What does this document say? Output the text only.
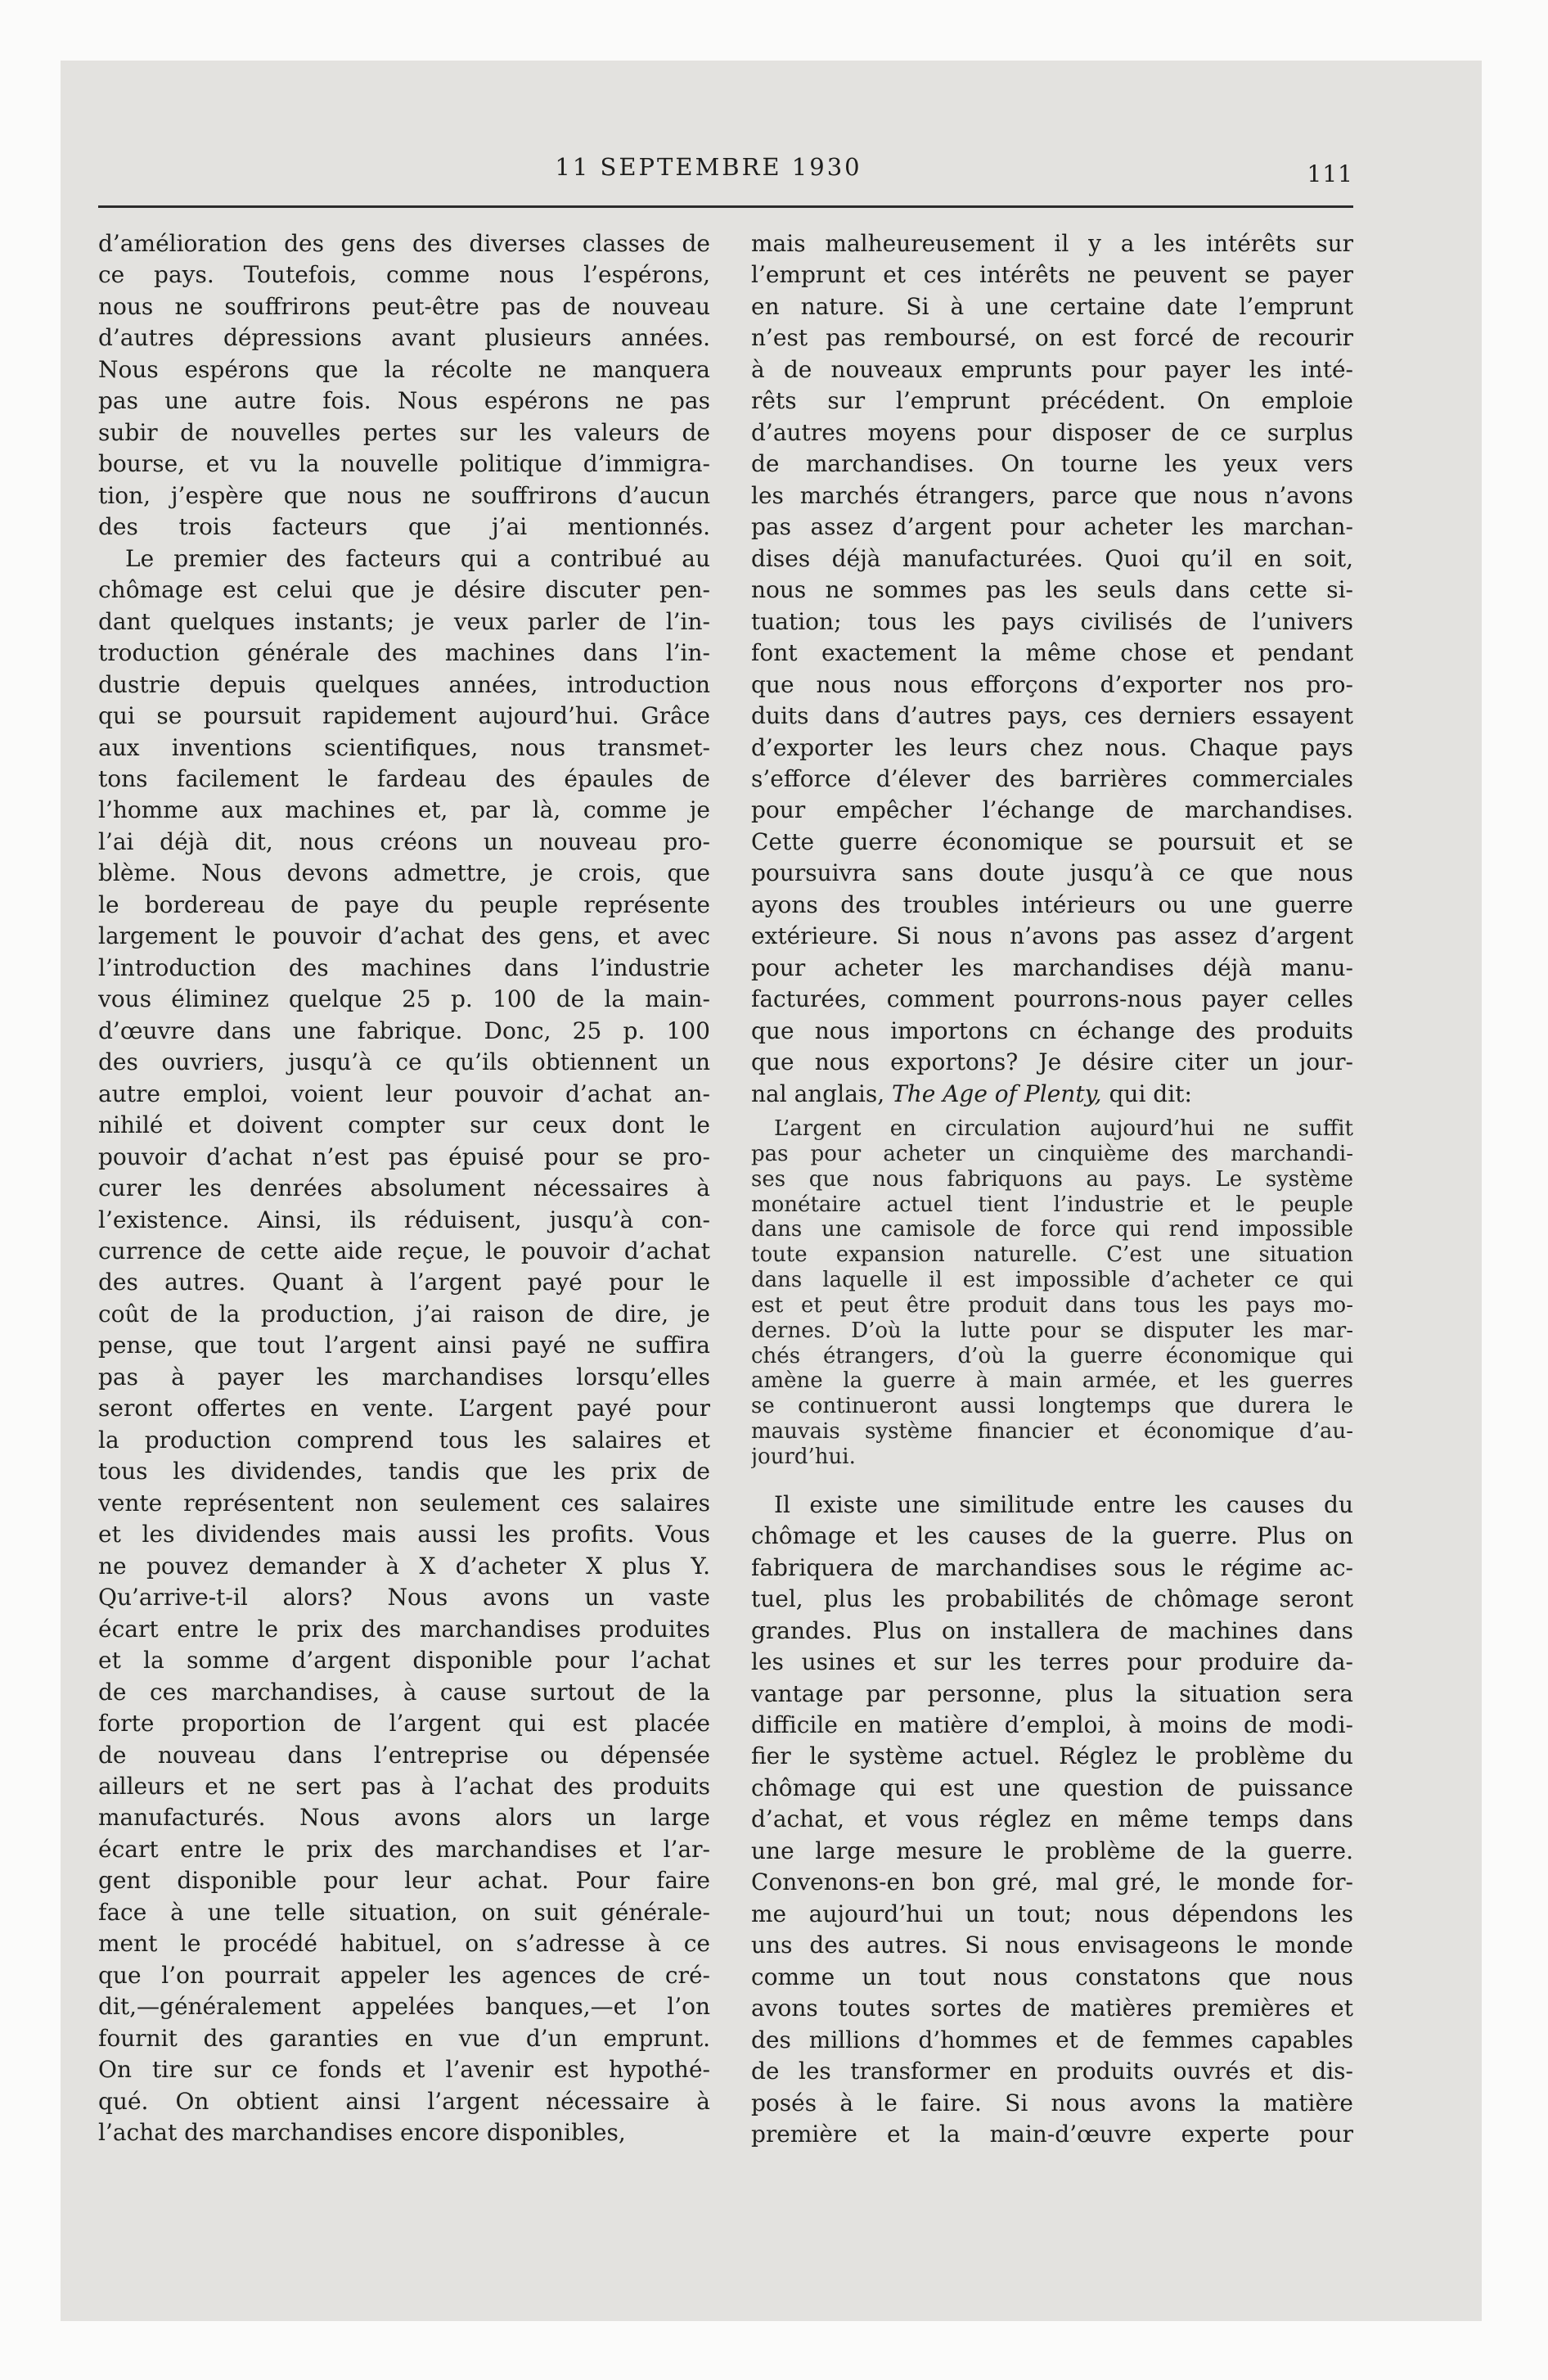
11 SEPTEMBRE 1930	111
d’amélioration des gens des diverses classes de
ce pays. Toutefois, comme nous l’espérons,
nous ne souffrirons peut-être pas de nouveau
d’autres dépressions avant plusieurs années.
Nous espérons que la récolte ne manquera
pas une autre fois. Nous espérons ne pas
subir de nouvelles pertes sur les valeurs de
bourse, et vu la nouvelle politique d’immigra-
tion, j’espère que nous ne souffrirons d’aucun
des trois facteurs que j’ai mentionnés.
Le premier des facteurs qui a contribué au
chômage est celui que je désire discuter pen-
dant quelques instants; je veux parler de l’in-
troduction générale des machines dans l’in-
dustrie depuis quelques années, introduction
qui se poursuit rapidement aujourd’hui. Grâce
aux inventions scientifiques, nous transmet-
tons facilement le fardeau des épaules de
l’homme aux machines et, par là, comme je
l’ai déjà dit, nous créons un nouveau pro-
blème. Nous devons admettre, je crois, que
le bordereau de paye du peuple représente
largement le pouvoir d’achat des gens, et avec
l’introduction des machines dans l’industrie
vous éliminez quelque 25 p. 100 de la main-
d’œuvre dans une fabrique. Donc, 25 p. 100
des ouvriers, jusqu’à ce qu’ils obtiennent un
autre emploi, voient leur pouvoir d’achat an-
nihilé et doivent compter sur ceux dont le
pouvoir d’achat n’est pas épuisé pour se pro-
curer les denrées absolument nécessaires à
l’existence. Ainsi, ils réduisent, jusqu’à con-
currence de cette aide reçue, le pouvoir d’achat
des autres. Quant à l’argent payé pour le
coût de la production, j’ai raison de dire, je
pense, que tout l’argent ainsi payé ne suffira
pas à payer les marchandises lorsqu’elles
seront offertes en vente. L’argent payé pour
la production comprend tous les salaires et
tous les dividendes, tandis que les prix de
vente représentent non seulement ces salaires
et les dividendes mais aussi les profits. Vous
ne pouvez demander à X d’acheter X plus Y.
Qu’arrive-t-il alors? Nous avons un vaste
écart entre le prix des marchandises produites
et la somme d’argent disponible pour l’achat
de ces marchandises, à cause surtout de la
forte proportion de l’argent qui est placée
de nouveau dans l’entreprise ou dépensée
ailleurs et ne sert pas à l’achat des produits
manufacturés. Nous avons alors un large
écart entre le prix des marchandises et l’ar-
gent disponible pour leur achat. Pour faire
face à une telle situation, on suit générale-
ment le procédé habituel, on s’adresse à ce
que l’on pourrait appeler les agences de cré-
dit,—généralement appelées banques,—et l’on
fournit des garanties en vue d’un emprunt.
On tire sur ce fonds et l’avenir est hypothé-
qué. On obtient ainsi l’argent nécessaire à
l’achat des marchandises encore disponibles,
mais malheureusement il y a les intérêts sur
l’emprunt et ces intérêts ne peuvent se payer
en nature. Si à une certaine date l’emprunt
n’est pas remboursé, on est forcé de recourir
à de nouveaux emprunts pour payer les inté-
rêts sur l’emprunt précédent. On emploie
d’autres moyens pour disposer de ce surplus
de marchandises. On tourne les yeux vers
les marchés étrangers, parce que nous n’avons
pas assez d’argent pour acheter les marchan-
dises déjà manufacturées. Quoi qu’il en soit,
nous ne sommes pas les seuls dans cette si-
tuation; tous les pays civilisés de l’univers
font exactement la même chose et pendant
que nous nous efforçons d’exporter nos pro-
duits dans d’autres pays, ces derniers essayent
d’exporter les leurs chez nous. Chaque pays
s’efforce d’élever des barrières commerciales
pour empêcher l’échange de marchandises.
Cette guerre économique se poursuit et se
poursuivra sans doute jusqu’à ce que nous
ayons des troubles intérieurs ou une guerre
extérieure. Si nous n’avons pas assez d’argent
pour acheter les marchandises déjà manu-
facturées, comment pourrons-nous payer celles
que nous importons cn échange des produits
que nous exportons? Je désire citer un jour-
nal anglais, The Age of Plenty, qui dit:
L’argent en circulation aujourd’hui ne suffit
pas pour acheter un cinquième des marchandi-
ses que nous fabriquons au pays. Le système
monétaire actuel tient l’industrie et le peuple
dans une camisole de force qui rend impossible
toute expansion naturelle. C’est une situation
dans laquelle il est impossible d’acheter ce qui
est et peut être produit dans tous les pays mo-
dernes. D’où la lutte pour se disputer les mar-
chés étrangers, d’où la guerre économique qui
amène la guerre à main armée, et les guerres
se continueront aussi longtemps que durera le
mauvais système financier et économique d’au-
jourd’hui.
Il existe une similitude entre les causes du
chômage et les causes de la guerre. Plus on
fabriquera de marchandises sous le régime ac-
tuel, plus les probabilités de chômage seront
grandes. Plus on installera de machines dans
les usines et sur les terres pour produire da-
vantage par personne, plus la situation sera
difficile en matière d’emploi, à moins de modi-
fier le système actuel. Réglez le problème du
chômage qui est une question de puissance
d’achat, et vous réglez en même temps dans
une large mesure le problème de la guerre.
Convenons-en bon gré, mal gré, le monde for-
me aujourd’hui un tout; nous dépendons les
uns des autres. Si nous envisageons le monde
comme un tout nous constatons que nous
avons toutes sortes de matières premières et
des millions d’hommes et de femmes capables
de les transformer en produits ouvrés et dis-
posés à le faire. Si nous avons la matière
première et la main-d’œuvre experte pour
